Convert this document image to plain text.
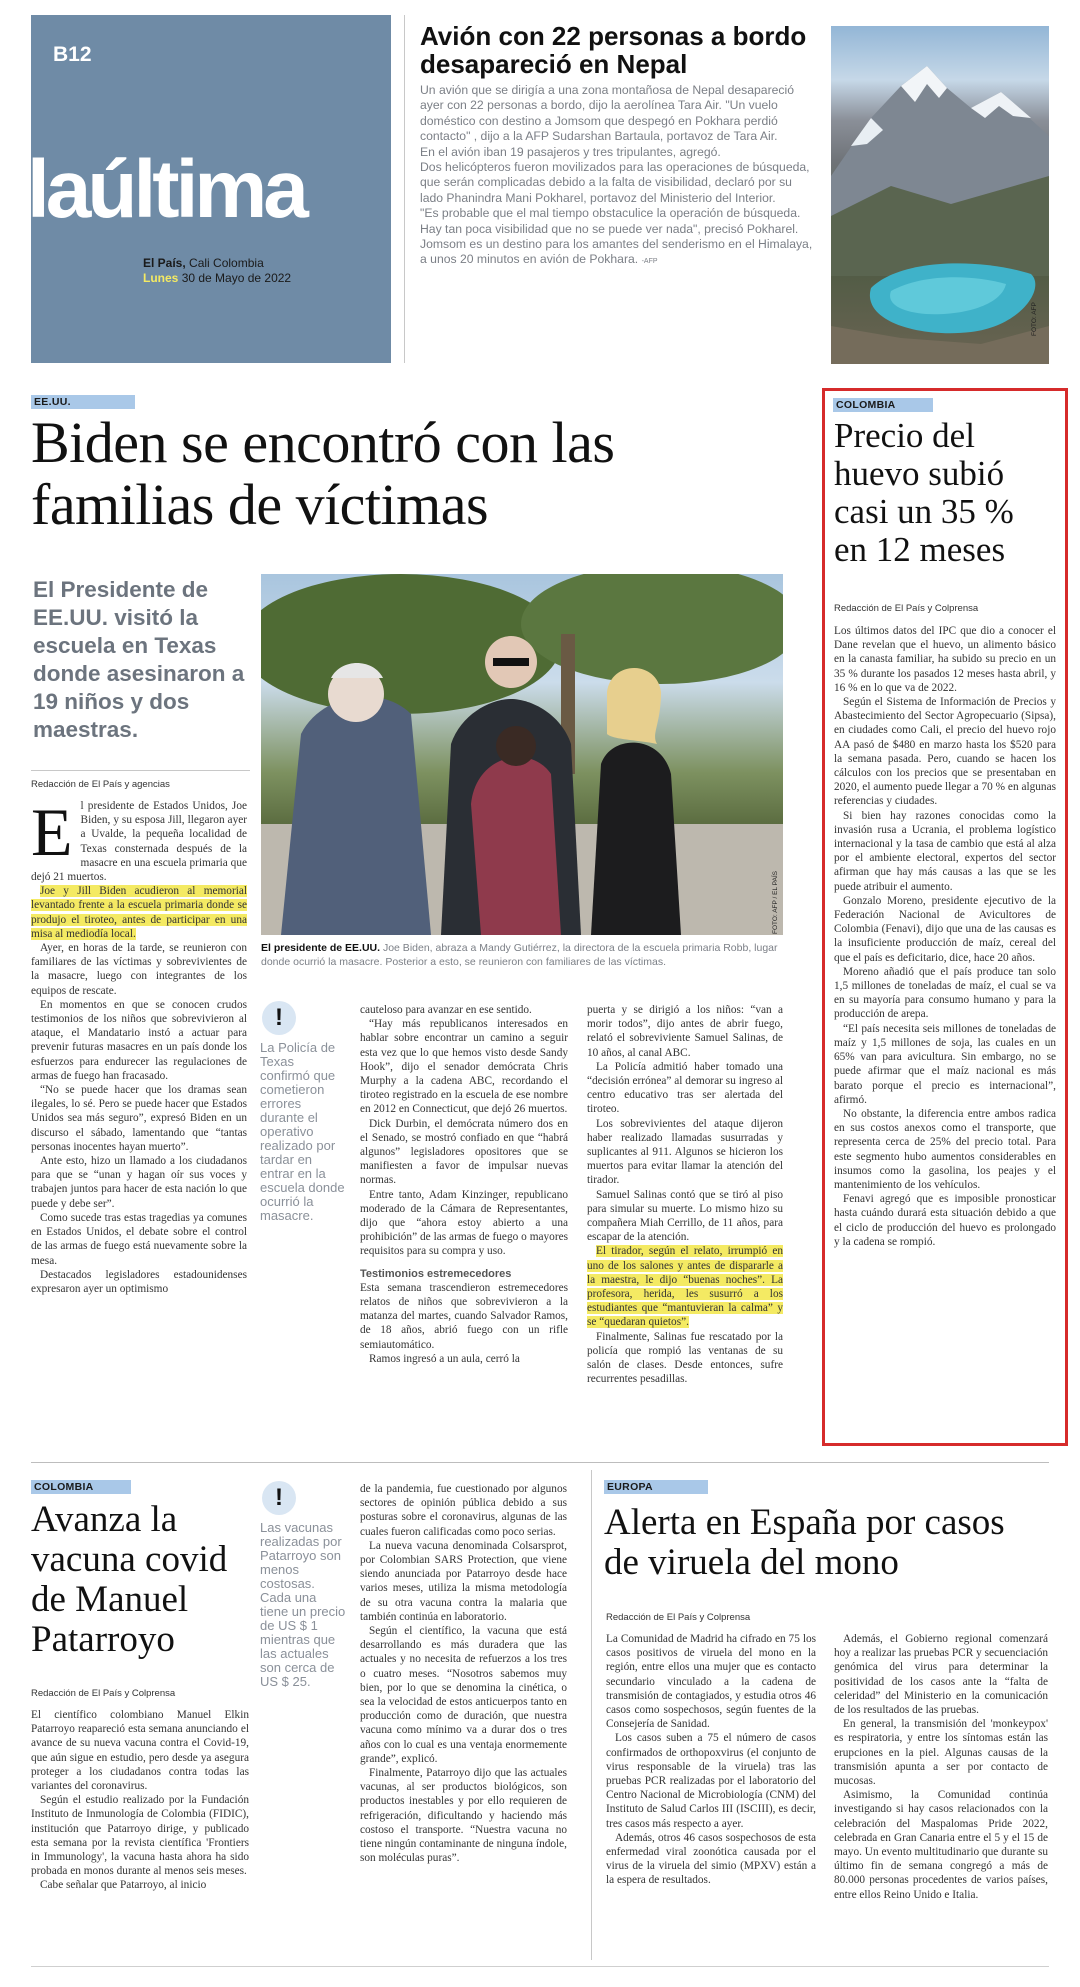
B12
laúltima
El País, Cali Colombia
Lunes 30 de Mayo de 2022
Avión con 22 personas a bordo desapareció en Nepal

Un avión que se dirigía a una zona montañosa de Nepal desapareció ayer con 22 personas a bordo, dijo la aerolínea Tara Air. "Un vuelo doméstico con destino a Jomsom que despegó en Pokhara perdió contacto" , dijo a la AFP Sudarshan Bartaula, portavoz de Tara Air.

En el avión iban 19 pasajeros y tres tripulantes, agregó.

Dos helicópteros fueron movilizados para las operaciones de búsqueda, que serán complicadas debido a la falta de visibilidad, declaró por su lado Phanindra Mani Pokharel, portavoz del Ministerio del Interior.

"Es probable que el mal tiempo obstaculice la operación de búsqueda. Hay tan poca visibilidad que no se puede ver nada", precisó Pokharel.

Jomsom es un destino para los amantes del senderismo en el Himalaya, a unos 20 minutos en avión de Pokhara. -AFP

FOTO: AFP
EE.UU.
Biden se encontró con las familias de víctimas
El Presidente de EE.UU. visitó la escuela en Texas donde asesinaron a 19 niños y dos maestras.
Redacción de El País y agencias
FOTO: AFP / EL PAÍS
El presidente de EE.UU. Joe Biden, abraza a Mandy Gutiérrez, la directora de la escuela primaria Robb, lugar donde ocurrió la masacre. Posterior a esto, se reunieron con familiares de las víctimas.

El presidente de Estados Unidos, Joe Biden, y su esposa Jill, llegaron ayer a Uvalde, la pequeña localidad de Texas consternada después de la masacre en una escuela primaria que dejó 21 muertos.

Joe y Jill Biden acudieron al memorial levantado frente a la escuela primaria donde se produjo el tiroteo, antes de participar en una misa al mediodía local.

Ayer, en horas de la tarde, se reunieron con familiares de las víctimas y sobrevivientes de la masacre, luego con integrantes de los equipos de rescate.

En momentos en que se conocen crudos testimonios de los niños que sobrevivieron al ataque, el Mandatario instó a actuar para prevenir futuras masacres en un país donde los esfuerzos para endurecer las regulaciones de armas de fuego han fracasado.

“No se puede hacer que los dramas sean ilegales, lo sé. Pero se puede hacer que Estados Unidos sea más seguro”, expresó Biden en un discurso el sábado, lamentando que “tantas personas inocentes hayan muerto”.

Ante esto, hizo un llamado a los ciudadanos para que se “unan y hagan oír sus voces y trabajen juntos para hacer de esta nación lo que puede y debe ser”.

Como sucede tras estas tragedias ya comunes en Estados Unidos, el debate sobre el control de las armas de fuego está nuevamente sobre la mesa.

Destacados legisladores estadounidenses expresaron ayer un optimismo

!
La Policía de Texas confirmó que cometieron errores durante el operativo realizado por tardar en entrar en la escuela donde ocurrió la masacre.

cauteloso para avanzar en ese sentido.

“Hay más republicanos interesados en hablar sobre encontrar un camino a seguir esta vez que lo que hemos visto desde Sandy Hook”, dijo el senador demócrata Chris Murphy a la cadena ABC, recordando el tiroteo registrado en la escuela de ese nombre en 2012 en Connecticut, que dejó 26 muertos.

Dick Durbin, el demócrata número dos en el Senado, se mostró confiado en que “habrá algunos” legisladores opositores que se manifiesten a favor de impulsar nuevas normas.

Entre tanto, Adam Kinzinger, republicano moderado de la Cámara de Representantes, dijo que “ahora estoy abierto a una prohibición” de las armas de fuego o mayores requisitos para su compra y uso.

Testimonios estremecedores

Esta semana trascendieron estremecedores relatos de niños que sobrevivieron a la matanza del martes, cuando Salvador Ramos, de 18 años, abrió fuego con un rifle semiautomático.

Ramos ingresó a un aula, cerró la

puerta y se dirigió a los niños: “van a morir todos”, dijo antes de abrir fuego, relató el sobreviviente Samuel Salinas, de 10 años, al canal ABC.

La Policía admitió haber tomado una “decisión errónea” al demorar su ingreso al centro educativo tras ser alertada del tiroteo.

Los sobrevivientes del ataque dijeron haber realizado llamadas susurradas y suplicantes al 911. Algunos se hicieron los muertos para evitar llamar la atención del tirador.

Samuel Salinas contó que se tiró al piso para simular su muerte. Lo mismo hizo su compañera Miah Cerrillo, de 11 años, para escapar de la atención.

El tirador, según el relato, irrumpió en uno de los salones y antes de dispararle a la maestra, le dijo “buenas noches”. La profesora, herida, les susurró a los estudiantes que “mantuvieran la calma” y se “quedaran quietos”.

Finalmente, Salinas fue rescatado por la policía que rompió las ventanas de su salón de clases. Desde entonces, sufre recurrentes pesadillas.

COLOMBIA
Precio del huevo subió casi un 35 % en 12 meses
Redacción de El País y Colprensa

Los últimos datos del IPC que dio a conocer el Dane revelan que el huevo, un alimento básico en la canasta familiar, ha subido su precio en un 35 % durante los pasados 12 meses hasta abril, y 16 % en lo que va de 2022.

Según el Sistema de Información de Precios y Abastecimiento del Sector Agropecuario (Sipsa), en ciudades como Cali, el precio del huevo rojo AA pasó de $480 en marzo hasta los $520 para la semana pasada. Pero, cuando se hacen los cálculos con los precios que se presentaban en 2020, el aumento puede llegar a 70 % en algunas referencias y ciudades.

Si bien hay razones conocidas como la invasión rusa a Ucrania, el problema logístico internacional y la tasa de cambio que está al alza por el ambiente electoral, expertos del sector afirman que hay más causas a las que se les puede atribuir el aumento.

Gonzalo Moreno, presidente ejecutivo de la Federación Nacional de Avicultores de Colombia (Fenavi), dijo que una de las causas es la insuficiente producción de maíz, cereal del que el país es deficitario, dice, hace 20 años.

Moreno añadió que el país produce tan solo 1,5 millones de toneladas de maíz, el cual se va en su mayoría para consumo humano y para la producción de arepa.

“El país necesita seis millones de toneladas de maíz y 1,5 millones de soja, las cuales en un 65% van para avicultura. Sin embargo, no se puede afirmar que el maíz nacional es más barato porque el precio es internacional”, afirmó.

No obstante, la diferencia entre ambos radica en sus costos anexos como el transporte, que representa cerca de 25% del precio total. Para este segmento hubo aumentos considerables en insumos como la gasolina, los peajes y el mantenimiento de los vehículos.

Fenavi agregó que es imposible pronosticar hasta cuándo durará esta situación debido a que el ciclo de producción del huevo es prolongado y la cadena se rompió.

COLOMBIA
Avanza la vacuna covid de Manuel Patarroyo
Redacción de El País y Colprensa

El científico colombiano Manuel Elkin Patarroyo reapareció esta semana anunciando el avance de su nueva vacuna contra el Covid-19, que aún sigue en estudio, pero desde ya asegura proteger a los ciudadanos contra todas las variantes del coronavirus.

Según el estudio realizado por la Fundación Instituto de Inmunología de Colombia (FIDIC), institución que Patarroyo dirige, y publicado esta semana por la revista científica 'Frontiers in Immunology', la vacuna hasta ahora ha sido probada en monos durante al menos seis meses.

Cabe señalar que Patarroyo, al inicio

!
Las vacunas realizadas por Patarroyo son menos costosas. Cada una tiene un precio de US $ 1 mientras que las actuales son cerca de US $ 25.

de la pandemia, fue cuestionado por algunos sectores de opinión pública debido a sus posturas sobre el coronavirus, algunas de las cuales fueron calificadas como poco serias.

La nueva vacuna denominada Colsarsprot, por Colombian SARS Protection, que viene siendo anunciada por Patarroyo desde hace varios meses, utiliza la misma metodología de su otra vacuna contra la malaria que también continúa en laboratorio.

Según el científico, la vacuna que está desarrollando es más duradera que las actuales y no necesita de refuerzos a los tres o cuatro meses. “Nosotros sabemos muy bien, por lo que se denomina la cinética, o sea la velocidad de estos anticuerpos tanto en producción como de duración, que nuestra vacuna como mínimo va a durar dos o tres años con lo cual es una ventaja enormemente grande”, explicó.

Finalmente, Patarroyo dijo que las actuales vacunas, al ser productos biológicos, son productos inestables y por ello requieren de refrigeración, dificultando y haciendo más costoso el transporte. “Nuestra vacuna no tiene ningún contaminante de ninguna índole, son moléculas puras”.

EUROPA
Alerta en España por casos de viruela del mono
Redacción de El País y Colprensa

La Comunidad de Madrid ha cifrado en 75 los casos positivos de viruela del mono en la región, entre ellos una mujer que es contacto secundario vinculado a la cadena de transmisión de contagiados, y estudia otros 46 casos como sospechosos, según fuentes de la Consejería de Sanidad.

Los casos suben a 75 el número de casos confirmados de orthopoxvirus (el conjunto de virus responsable de la viruela) tras las pruebas PCR realizadas por el laboratorio del Centro Nacional de Microbiología (CNM) del Instituto de Salud Carlos III (ISCIII), es decir, tres casos más respecto a ayer.

Además, otros 46 casos sospechosos de esta enfermedad viral zoonótica causada por el virus de la viruela del simio (MPXV) están a la espera de resultados.

Además, el Gobierno regional comenzará hoy a realizar las pruebas PCR y secuenciación genómica del virus para determinar la positividad de los casos ante la “falta de celeridad” del Ministerio en la comunicación de los resultados de las pruebas.

En general, la transmisión del 'monkeypox' es respiratoria, y entre los síntomas están las erupciones en la piel. Algunas causas de la transmisión apunta a ser por contacto de mucosas.

Asimismo, la Comunidad continúa investigando si hay casos relacionados con la celebración del Maspalomas Pride 2022, celebrada en Gran Canaria entre el 5 y el 15 de mayo. Un evento multitudinario que durante su último fin de semana congregó a más de 80.000 personas procedentes de varios países, entre ellos Reino Unido e Italia.
